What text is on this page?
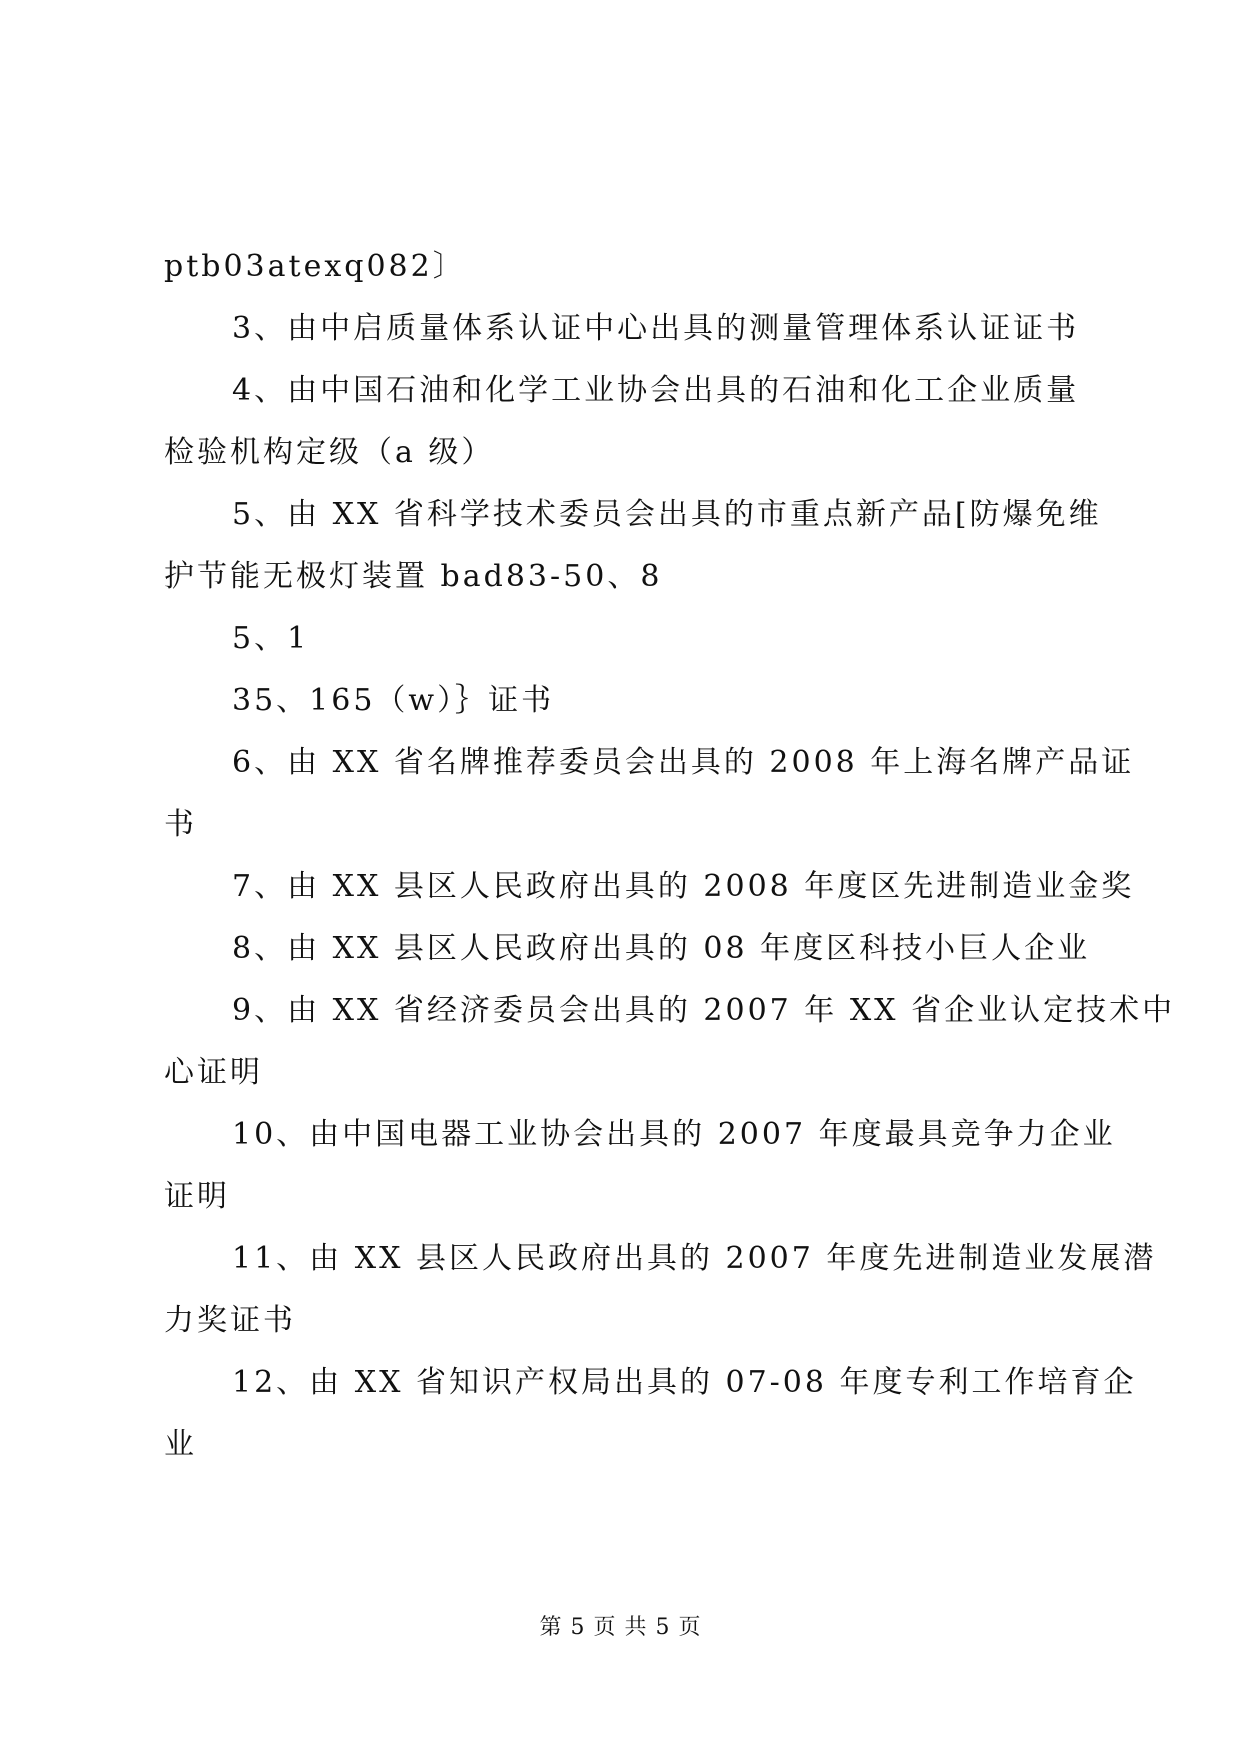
ptb03atexq082〕
3、由中启质量体系认证中心出具的测量管理体系认证证书
4、由中国石油和化学工业协会出具的石油和化工企业质量
检验机构定级（a 级）
5、由 XX 省科学技术委员会出具的市重点新产品[防爆免维
护节能无极灯装置 bad83-50、8
5、1
35、165（w）｝证书
6、由 XX 省名牌推荐委员会出具的 2008 年上海名牌产品证
书
7、由 XX 县区人民政府出具的 2008 年度区先进制造业金奖
8、由 XX 县区人民政府出具的 08 年度区科技小巨人企业
9、由 XX 省经济委员会出具的 2007 年 XX 省企业认定技术中
心证明
10、由中国电器工业协会出具的 2007 年度最具竞争力企业
证明
11、由 XX 县区人民政府出具的 2007 年度先进制造业发展潜
力奖证书
12、由 XX 省知识产权局出具的 07-08 年度专利工作培育企
业
第 5 页 共 5 页
